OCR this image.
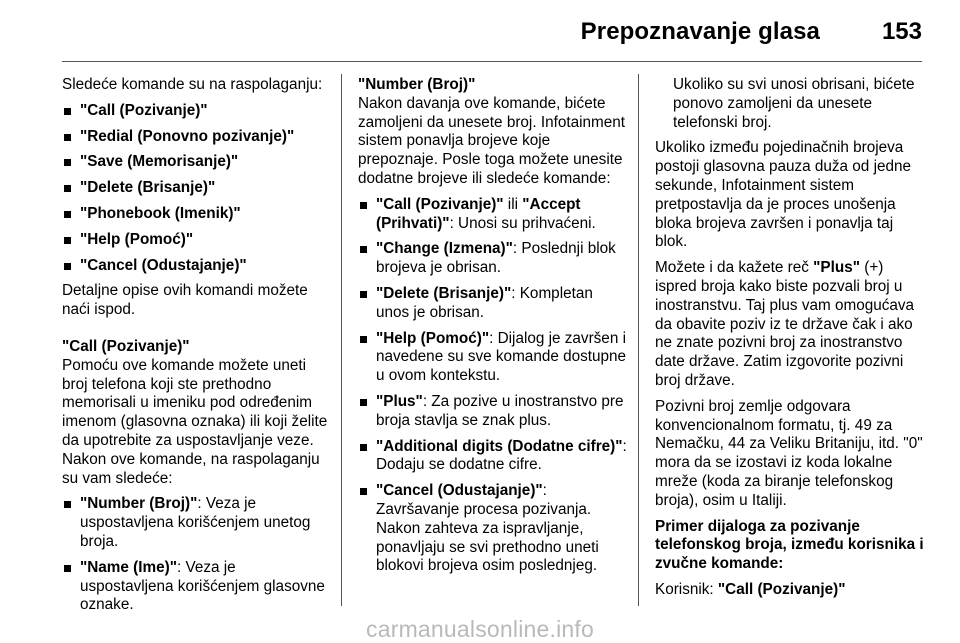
Prepoznavanje glasa	153

Sledeće komande su na raspolaganju:

"Call (Pozivanje)"
"Redial (Ponovno pozivanje)"
"Save (Memorisanje)"
"Delete (Brisanje)"
"Phonebook (Imenik)"
"Help (Pomoć)"
"Cancel (Odustajanje)"

Detaljne opise ovih komandi možete naći ispod.

"Call (Pozivanje)"

Pomoću ove komande možete uneti broj telefona koji ste prethodno memorisali u imeniku pod određenim imenom (glasovna oznaka) ili koji želite da upotrebite za uspostavljanje veze. Nakon ove komande, na raspolaganju su vam sledeće:

"Number (Broj)": Veza je uspostavljena korišćenjem unetog broja.
"Name (Ime)": Veza je uspostavljena korišćenjem glasovne oznake.

"Number (Broj)"

Nakon davanja ove komande, bićete zamoljeni da unesete broj. Infotainment sistem ponavlja brojeve koje prepoznaje. Posle toga možete unesite dodatne brojeve ili sledeće komande:

"Call (Pozivanje)" ili "Accept (Prihvati)": Unosi su prihvaćeni.
"Change (Izmena)": Poslednji blok brojeva je obrisan.
"Delete (Brisanje)": Kompletan unos je obrisan.
"Help (Pomoć)": Dijalog je završen i navedene su sve komande dostupne u ovom kontekstu.
"Plus": Za pozive u inostranstvo pre broja stavlja se znak plus.
"Additional digits (Dodatne cifre)": Dodaju se dodatne cifre.
"Cancel (Odustajanje)": Završavanje procesa pozivanja. Nakon zahteva za ispravljanje, ponavljaju se svi prethodno uneti blokovi brojeva osim poslednjeg.

Ukoliko su svi unosi obrisani, bićete ponovo zamoljeni da unesete telefonski broj.

Ukoliko između pojedinačnih brojeva postoji glasovna pauza duža od jedne sekunde, Infotainment sistem pretpostavlja da je proces unošenja bloka brojeva završen i ponavlja taj blok.

Možete i da kažete reč "Plus" (+) ispred broja kako biste pozvali broj u inostranstvu. Taj plus vam omogućava da obavite poziv iz te države čak i ako ne znate pozivni broj za inostranstvo date države. Zatim izgovorite pozivni broj države.

Pozivni broj zemlje odgovara konvencionalnom formatu, tj. 49 za Nemačku, 44 za Veliku Britaniju, itd. "0" mora da se izostavi iz koda lokalne mreže (koda za biranje telefonskog broja), osim u Italiji.

Primer dijaloga za pozivanje telefonskog broja, između korisnika i zvučne komande:

Korisnik: "Call (Pozivanje)"

carmanualsonline.info
